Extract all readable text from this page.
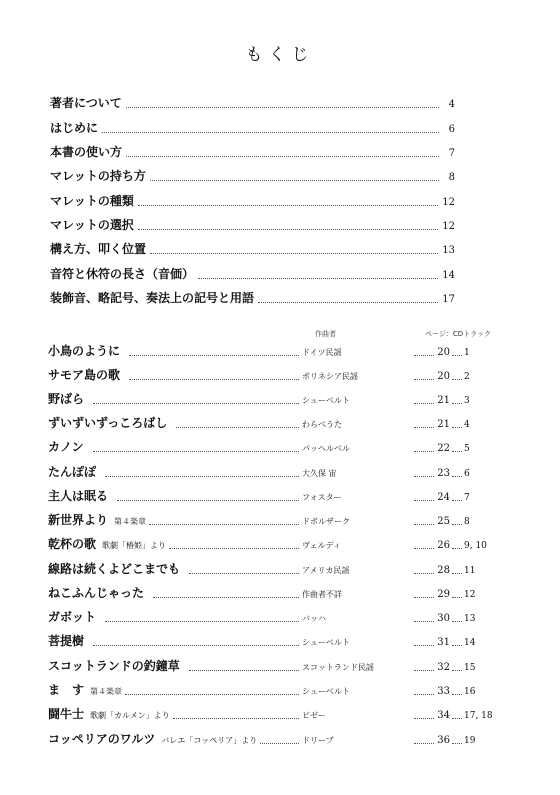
もくじ
著者について	4
はじめに	6
本書の使い方	7
マレットの持ち方	8
マレットの種類	12
マレットの選択	12
構え方、叩く位置	13
音符と休符の長さ（音価）	14
装飾音、略記号、奏法上の記号と用語	17
作曲者	ページ：CDトラック
小鳥のように	ドイツ民謡	20 1
サモア島の歌	ポリネシア民謡	20 2
野ばら	シューベルト	21 3
ずいずいずっころばし	わらべうた	21 4
カノン	パッヘルベル	22 5
たんぽぽ	大久保 宙	23 6
主人は眠る	フォスター	24 7
新世界より 第４楽章	ドボルザーク	25 8
乾杯の歌 歌劇「椿姫」より	ヴェルディ	26 9, 10
線路は続くよどこまでも	アメリカ民謡	28 11
ねこふんじゃった	作曲者不詳	29 12
ガボット	バッハ	30 13
菩提樹	シューベルト	31 14
スコットランドの釣鐘草	スコットランド民謡	32 15
ま　す 第４楽章	シューベルト	33 16
闘牛士 歌劇「カルメン」より	ビゼー	34 17, 18
コッペリアのワルツ バレエ「コッペリア」より	ドリーブ	36 19
